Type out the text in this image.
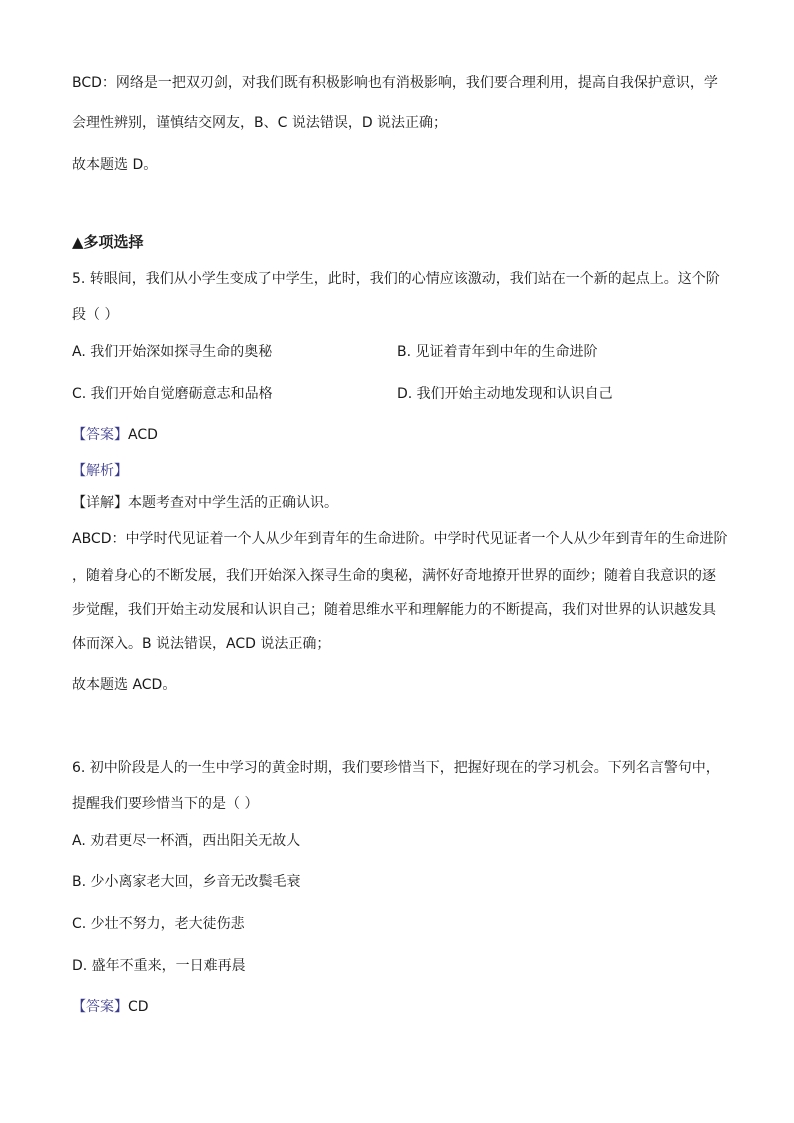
BCD：网络是一把双刃剑，对我们既有积极影响也有消极影响，我们要合理利用，提高自我保护意识，学
会理性辨别，谨慎结交网友，B、C 说法错误，D 说法正确；
故本题选 D。
▲多项选择
5. 转眼间，我们从小学生变成了中学生，此时，我们的心情应该激动，我们站在一个新的起点上。这个阶
段（ ）
A. 我们开始深如探寻生命的奥秘	B. 见证着青年到中年的生命进阶
C. 我们开始自觉磨砺意志和品格	D. 我们开始主动地发现和认识自己
【答案】ACD
【解析】
【详解】本题考查对中学生活的正确认识。
ABCD：中学时代见证着一个人从少年到青年的生命进阶。中学时代见证者一个人从少年到青年的生命进阶
，随着身心的不断发展，我们开始深入探寻生命的奥秘，满怀好奇地撩开世界的面纱；随着自我意识的逐
步觉醒，我们开始主动发展和认识自己；随着思维水平和理解能力的不断提高，我们对世界的认识越发具
体而深入。B 说法错误，ACD 说法正确；
故本题选 ACD。
6. 初中阶段是人的一生中学习的黄金时期，我们要珍惜当下，把握好现在的学习机会。下列名言警句中，
提醒我们要珍惜当下的是（ ）
A. 劝君更尽一杯酒，西出阳关无故人
B. 少小离家老大回，乡音无改鬓毛衰
C. 少壮不努力，老大徒伤悲
D. 盛年不重来，一日难再晨
【答案】CD
